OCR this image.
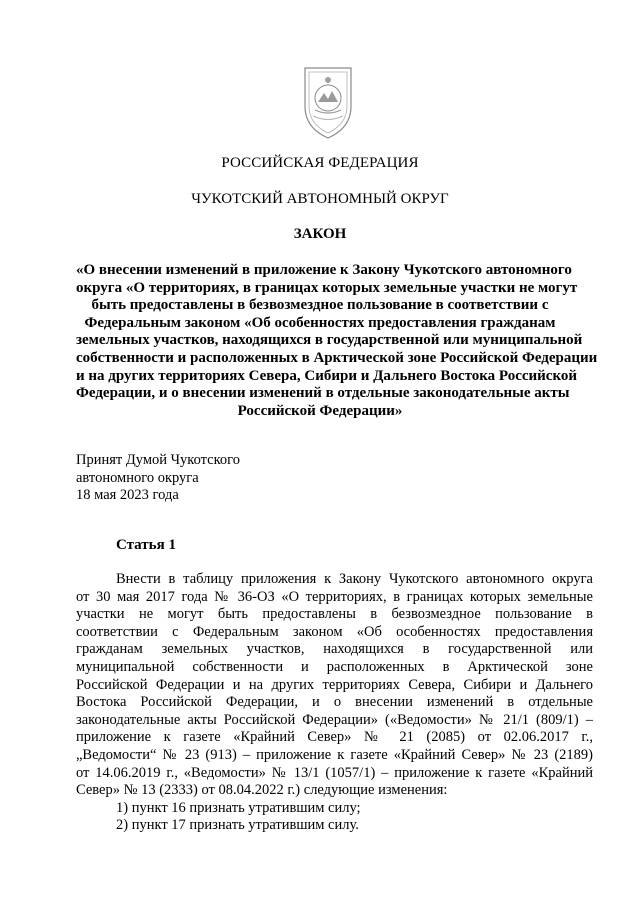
РОССИЙСКАЯ ФЕДЕРАЦИЯ
ЧУКОТСКИЙ АВТОНОМНЫЙ ОКРУГ
ЗАКОН
«О внесении изменений в приложение к Закону Чукотского автономного
округа «О территориях, в границах которых земельные участки не могут
быть предоставлены в безвозмездное пользование в соответствии с
Федеральным законом «Об особенностях предоставления гражданам
земельных участков, находящихся в государственной или муниципальной
собственности и расположенных в Арктической зоне Российской Федерации
и на других территориях Севера, Сибири и Дальнего Востока Российской
Федерации, и о внесении изменений в отдельные законодательные акты
Российской Федерации»
Принят Думой Чукотского
автономного округа
18 мая 2023 года
Статья 1
Внести в таблицу приложения к Закону Чукотского автономного округа
от 30 мая 2017 года № 36-ОЗ «О территориях, в границах которых земельные
участки не могут быть предоставлены в безвозмездное пользование в
соответствии с Федеральным законом «Об особенностях предоставления
гражданам земельных участков, находящихся в государственной или
муниципальной собственности и расположенных в Арктической зоне
Российской Федерации и на других территориях Севера, Сибири и Дальнего
Востока Российской Федерации, и о внесении изменений в отдельные
законодательные акты Российской Федерации» («Ведомости» № 21/1 (809/1) –
приложение к газете «Крайний Север» № 21 (2085) от 02.06.2017 г.,
„Ведомости“ № 23 (913) – приложение к газете «Крайний Север» № 23 (2189)
от 14.06.2019 г., «Ведомости» № 13/1 (1057/1) – приложение к газете «Крайний
Север» № 13 (2333) от 08.04.2022 г.) следующие изменения:
1) пункт 16 признать утратившим силу;
2) пункт 17 признать утратившим силу.
